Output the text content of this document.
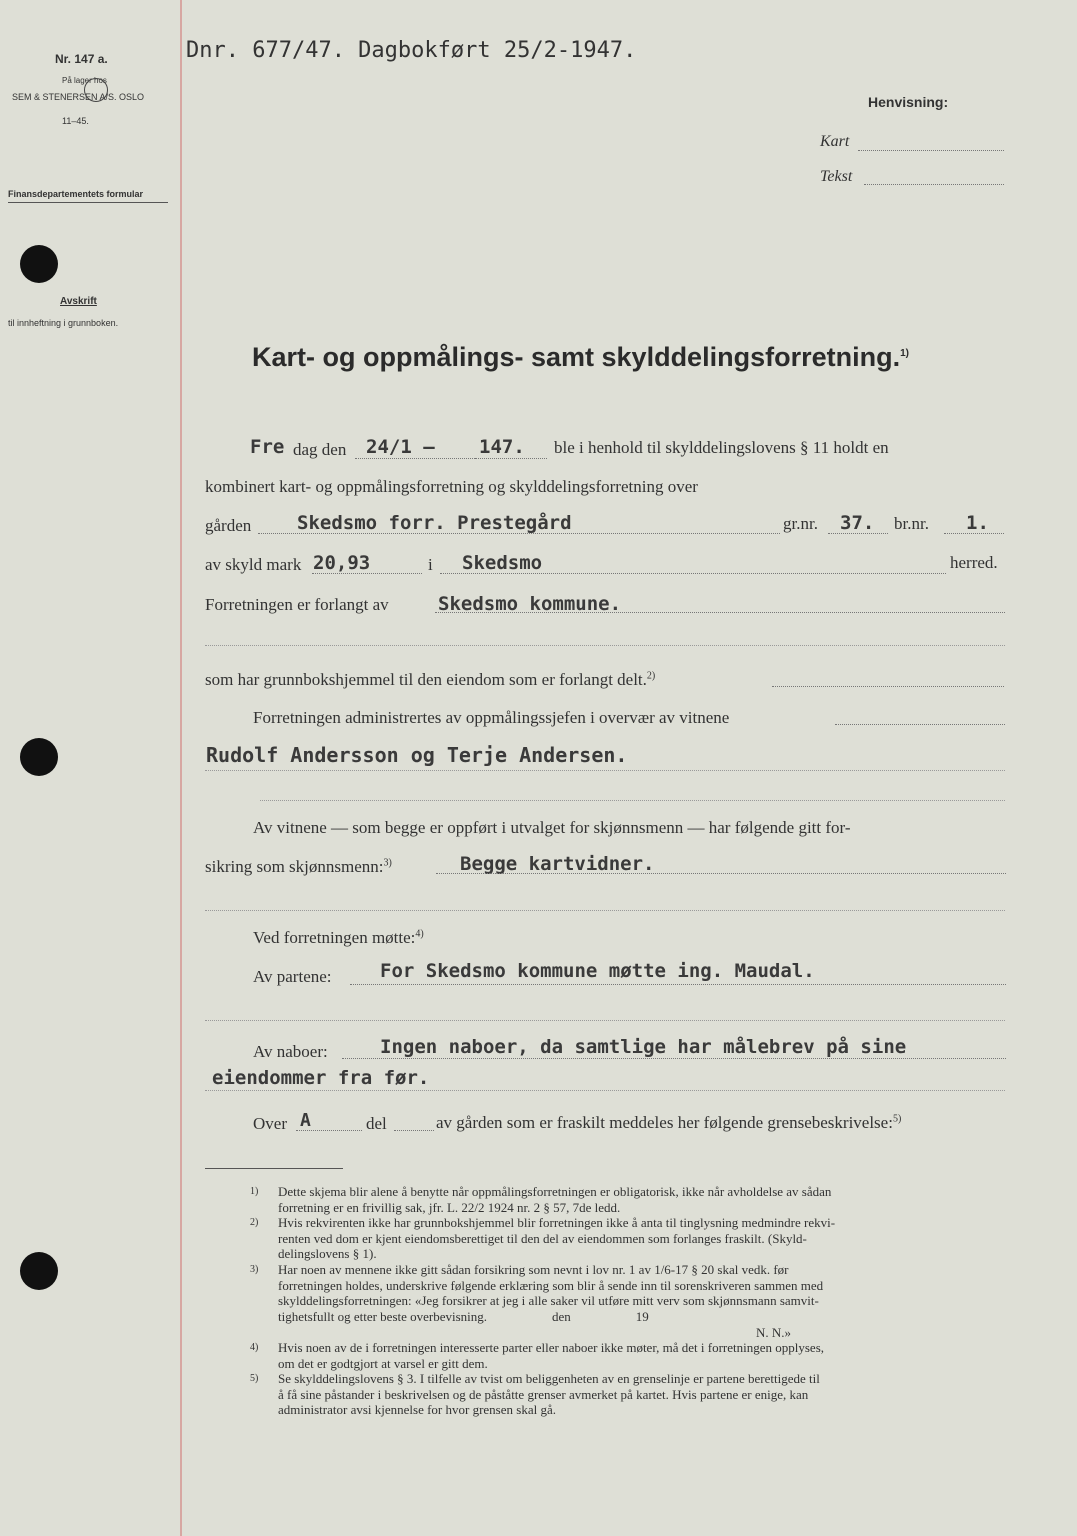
Nr. 147 a.
På lager hos
SEM & STENERSEN A/S. OSLO
11–45.
Finansdepartementets formular
Avskrift
til innheftning i grunnboken.
Dnr. 677/47. Dagbokført 25/2-1947.
Henvisning:
Kart
Tekst
Kart- og oppmålings- samt skylddelingsforretning.$^{1)}$
Fre dag den 24/1 – 147. ble i henhold til skylddelingslovens § 11 holdt en
kombinert kart- og oppmålingsforretning og skylddelingsforretning over
gården Skedsmo forr. Prestegård	gr.nr. 37. br.nr. 1.
av skyld mark 20,93	i Skedsmo	herred.
Forretningen er forlangt av	Skedsmo kommune.
som har grunnbokshjemmel til den eiendom som er forlangt delt.$^{2)}$
Forretningen administrertes av oppmålingssjefen i overvær av vitnene
Rudolf Andersson og Terje Andersen.
Av vitnene — som begge er oppført i utvalget for skjønnsmenn — har følgende gitt for-
sikring som skjønnsmenn:$^{3)}$	Begge kartvidner.
Ved forretningen møtte:$^{4)}$
Av partene:	For Skedsmo kommune møtte ing. Maudal.
Av naboer:	Ingen naboer, da samtlige har målebrev på sine
eiendommer fra før.
Over A	del	av gården som er fraskilt meddeles her følgende grensebeskrivelse:$^{5)}$
1) Dette skjema blir alene å benytte når oppmålingsforretningen er obligatorisk, ikke når avholdelse av sådan
forretning er en frivillig sak, jfr. L. 22/2 1924 nr. 2 § 57, 7de ledd.
2) Hvis rekvirenten ikke har grunnbokshjemmel blir forretningen ikke å anta til tinglysning medmindre rekvi-
renten ved dom er kjent eiendomsberettiget til den del av eiendommen som forlanges fraskilt. (Skyld-
delingslovens § 1).
3) Har noen av mennene ikke gitt sådan forsikring som nevnt i lov nr. 1 av 1/6-17 § 20 skal vedk. før
forretningen holdes, underskrive følgende erklæring som blir å sende inn til sorenskriveren sammen med
skylddelingsforretningen: «Jeg forsikrer at jeg i alle saker vil utføre mitt verv som skjønnsmann samvit-
tighetsfullt og etter beste overbevisning.                    den                    19
N. N.»
4) Hvis noen av de i forretningen interesserte parter eller naboer ikke møter, må det i forretningen opplyses,
om det er godtgjort at varsel er gitt dem.
5) Se skylddelingslovens § 3. I tilfelle av tvist om beliggenheten av en grenselinje er partene berettigede til
å få sine påstander i beskrivelsen og de påståtte grenser avmerket på kartet. Hvis partene er enige, kan
administrator avsi kjennelse for hvor grensen skal gå.
